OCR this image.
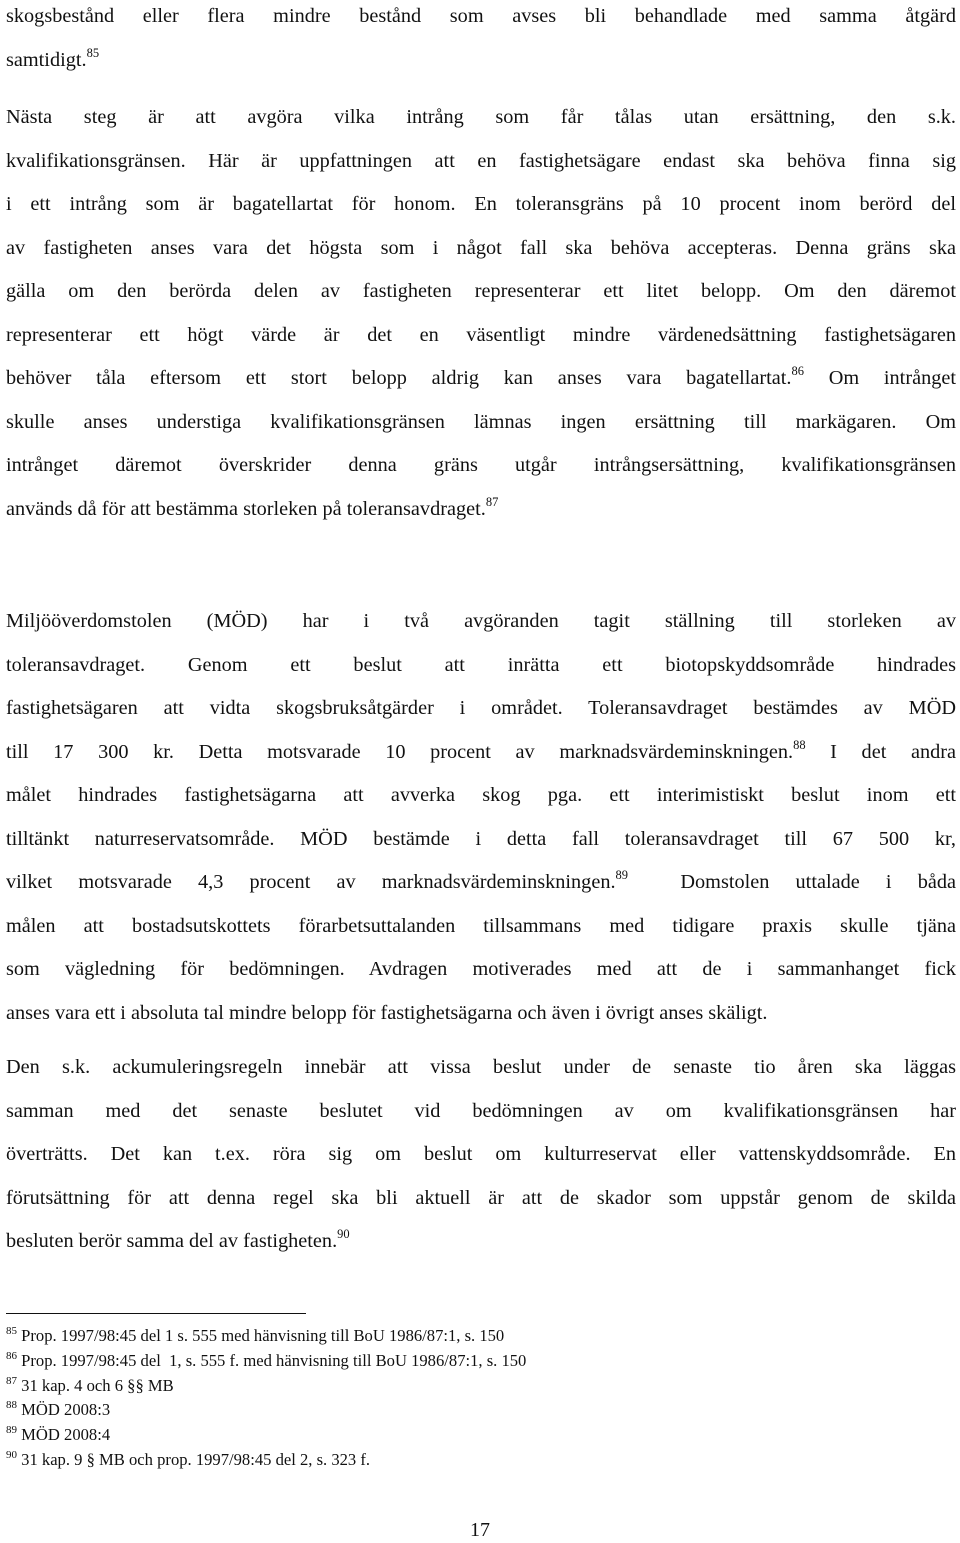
skogsbestånd eller flera mindre bestånd som avses bli behandlade med samma åtgärd
samtidigt.$^{85}$
Nästa steg är att avgöra vilka intrång som får tålas utan ersättning, den s.k.
kvalifikationsgränsen. Här är uppfattningen att en fastighetsägare endast ska behöva finna sig
i ett intrång som är bagatellartat för honom. En toleransgräns på 10 procent inom berörd del
av fastigheten anses vara det högsta som i något fall ska behöva accepteras. Denna gräns ska
gälla om den berörda delen av fastigheten representerar ett litet belopp. Om den däremot
representerar ett högt värde är det en väsentligt mindre värdenedsättning fastighetsägaren
behöver tåla eftersom ett stort belopp aldrig kan anses vara bagatellartat.$^{86}$ Om intrånget
skulle anses understiga kvalifikationsgränsen lämnas ingen ersättning till markägaren. Om
intrånget däremot överskrider denna gräns utgår intrångsersättning, kvalifikationsgränsen
används då för att bestämma storleken på toleransavdraget.$^{87}$
Miljööverdomstolen (MÖD) har i två avgöranden tagit ställning till storleken av
toleransavdraget. Genom ett beslut att inrätta ett biotopskyddsområde hindrades
fastighetsägaren att vidta skogsbruksåtgärder i området. Toleransavdraget bestämdes av MÖD
till 17 300 kr. Detta motsvarade 10 procent av marknadsvärdeminskningen.$^{88}$ I det andra
målet hindrades fastighetsägarna att avverka skog pga. ett interimistiskt beslut inom ett
tilltänkt naturreservatsområde. MÖD bestämde i detta fall toleransavdraget till 67 500 kr,
vilket motsvarade 4,3 procent av marknadsvärdeminskningen.$^{89}$  Domstolen uttalade i båda
målen att bostadsutskottets förarbetsuttalanden tillsammans med tidigare praxis skulle tjäna
som vägledning för bedömningen. Avdragen motiverades med att de i sammanhanget fick
anses vara ett i absoluta tal mindre belopp för fastighetsägarna och även i övrigt anses skäligt.
Den s.k. ackumuleringsregeln innebär att vissa beslut under de senaste tio åren ska läggas
samman med det senaste beslutet vid bedömningen av om kvalifikationsgränsen har
överträtts. Det kan t.ex. röra sig om beslut om kulturreservat eller vattenskyddsområde. En
förutsättning för att denna regel ska bli aktuell är att de skador som uppstår genom de skilda
besluten berör samma del av fastigheten.$^{90}$
$^{85}$ Prop. 1997/98:45 del 1 s. 555 med hänvisning till BoU 1986/87:1, s. 150
$^{86}$ Prop. 1997/98:45 del  1, s. 555 f. med hänvisning till BoU 1986/87:1, s. 150
$^{87}$ 31 kap. 4 och 6 §§ MB
$^{88}$ MÖD 2008:3
$^{89}$ MÖD 2008:4
$^{90}$ 31 kap. 9 § MB och prop. 1997/98:45 del 2, s. 323 f.
17
